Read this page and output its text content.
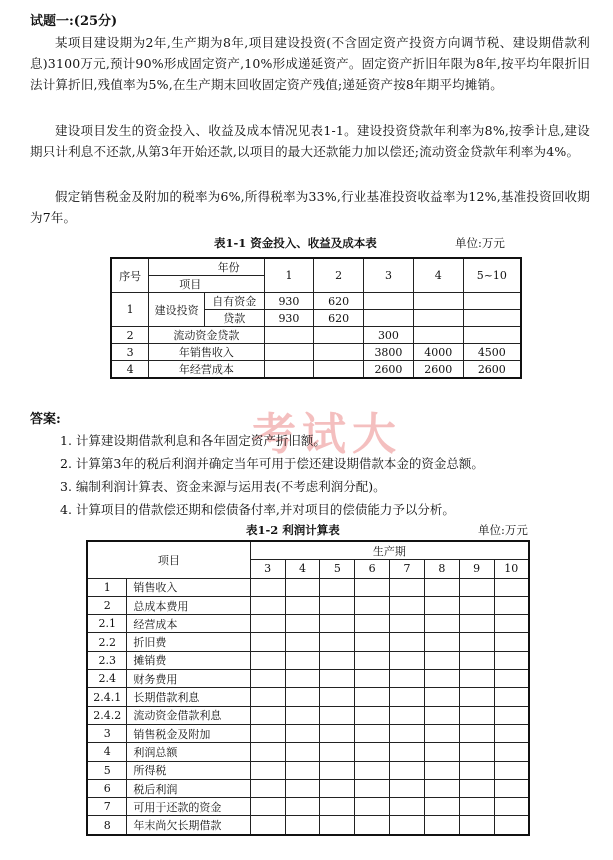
试题一:(25分)
某项目建设期为2年,生产期为8年,项目建设投资(不含固定资产投资方向调节税、建设期借款利息)3100万元,预计90%形成固定资产,10%形成递延资产。固定资产折旧年限为8年,按平均年限折旧法计算折旧,残值率为5%,在生产期末回收固定资产残值;递延资产按8年期平均摊销。
建设项目发生的资金投入、收益及成本情况见表1-1。建设投资贷款年利率为8%,按季计息,建设期只计利息不还款,从第3年开始还款,以项目的最大还款能力加以偿还;流动资金贷款年利率为4%。
假定销售税金及附加的税率为6%,所得税率为33%,行业基准投资收益率为12%,基准投资回收期为7年。
表1-1 资金投入、收益及成本表	单位:万元
序号	年份		1	2	3	4	5~10
	项目						
1	建设投资	自有资金	930	620			
		贷款	930	620			
2	流动资金贷款				300		
3	年销售收入				3800	4000	4500
4	年经营成本				2600	2600	2600
答案:	考试大
1. 计算建设期借款利息和各年固定资产折旧额。
2. 计算第3年的税后利润并确定当年可用于偿还建设期借款本金的资金总额。
3. 编制利润计算表、资金来源与运用表(不考虑利润分配)。
4. 计算项目的借款偿还期和偿债备付率,并对项目的偿债能力予以分析。
表1-2 利润计算表	单位:万元
项目		生产期							
		3	4	5	6	7	8	9	10
1	销售收入								
2	总成本费用								
2.1	经营成本								
2.2	折旧费								
2.3	摊销费								
2.4	财务费用								
2.4.1	长期借款利息								
2.4.2	流动资金借款利息								
3	销售税金及附加								
4	利润总额								
5	所得税								
6	税后利润								
7	可用于还款的资金								
8	年末尚欠长期借款								
